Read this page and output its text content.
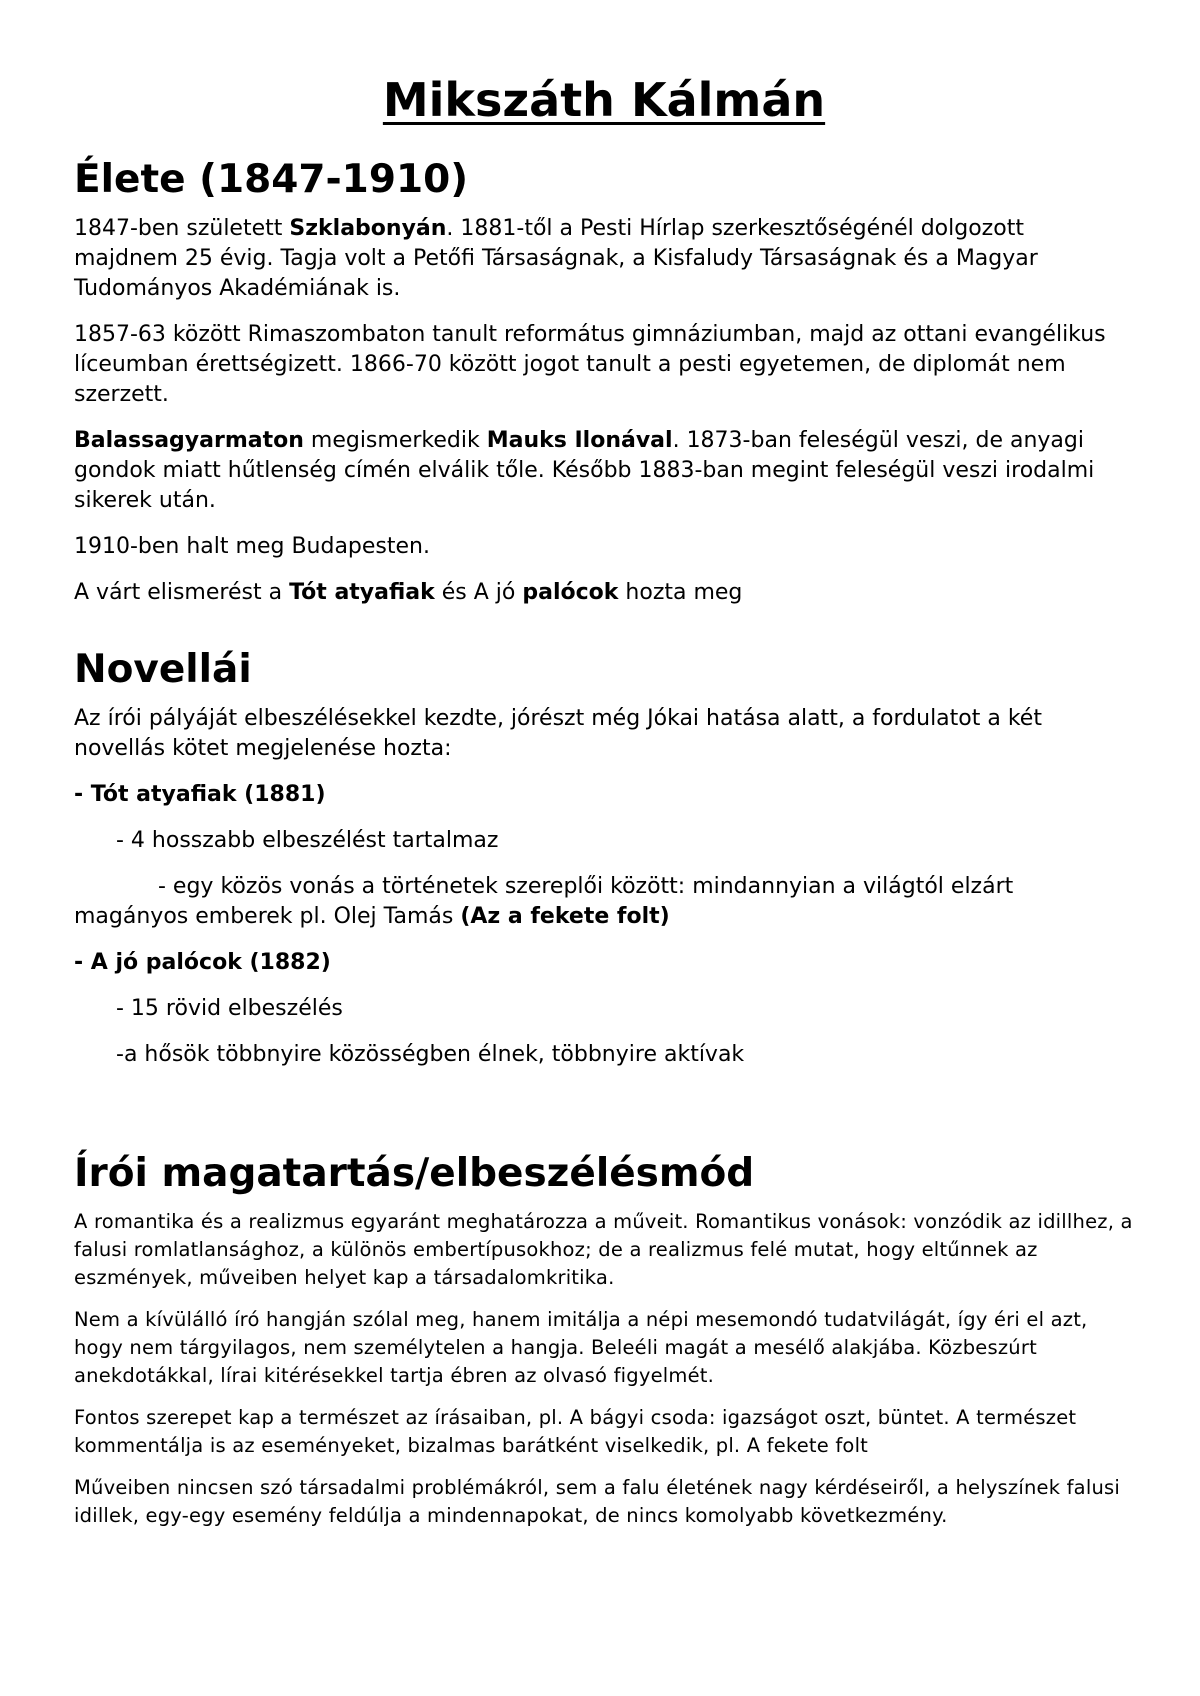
Mikszáth Kálmán
Élete (1847-1910)

1847-ben született Szklabonyán. 1881-től a Pesti Hírlap szerkesztőségénél dolgozott majdnem 25 évig. Tagja volt a Petőfi Társaságnak, a Kisfaludy Társaságnak és a Magyar Tudományos Akadémiának is.

1857-63 között Rimaszombaton tanult református gimnáziumban, majd az ottani evangélikus líceumban érettségizett. 1866-70 között jogot tanult a pesti egyetemen, de diplomát nem szerzett.

Balassagyarmaton megismerkedik Mauks Ilonával. 1873-ban feleségül veszi, de anyagi gondok miatt hűtlenség címén elválik tőle. Később 1883-ban megint feleségül veszi irodalmi sikerek után.

1910-ben halt meg Budapesten.

A várt elismerést a Tót atyafiak és A jó palócok hozta meg

Novellái

Az írói pályáját elbeszélésekkel kezdte, jórészt még Jókai hatása alatt, a fordulatot a két novellás kötet megjelenése hozta:

- Tót atyafiak (1881)

- 4 hosszabb elbeszélést tartalmaz

- egy közös vonás a történetek szereplői között: mindannyian a világtól elzárt magányos emberek pl. Olej Tamás (Az a fekete folt)

- A jó palócok (1882)

- 15 rövid elbeszélés

-a hősök többnyire közösségben élnek, többnyire aktívak

Írói magatartás/elbeszélésmód

A romantika és a realizmus egyaránt meghatározza a műveit. Romantikus vonások: vonzódik az idillhez, a falusi romlatlansághoz, a különös embertípusokhoz; de a realizmus felé mutat, hogy eltűnnek az eszmények, műveiben helyet kap a társadalomkritika.

Nem a kívülálló író hangján szólal meg, hanem imitálja a népi mesemondó tudatvilágát, így éri el azt, hogy nem tárgyilagos, nem személytelen a hangja. Beleéli magát a mesélő alakjába. Közbeszúrt anekdotákkal, lírai kitérésekkel tartja ébren az olvasó figyelmét.

Fontos szerepet kap a természet az írásaiban, pl. A bágyi csoda: igazságot oszt, büntet. A természet kommentálja is az eseményeket, bizalmas barátként viselkedik, pl. A fekete folt

Műveiben nincsen szó társadalmi problémákról, sem a falu életének nagy kérdéseiről, a helyszínek falusi idillek, egy-egy esemény feldúlja a mindennapokat, de nincs komolyabb következmény.
